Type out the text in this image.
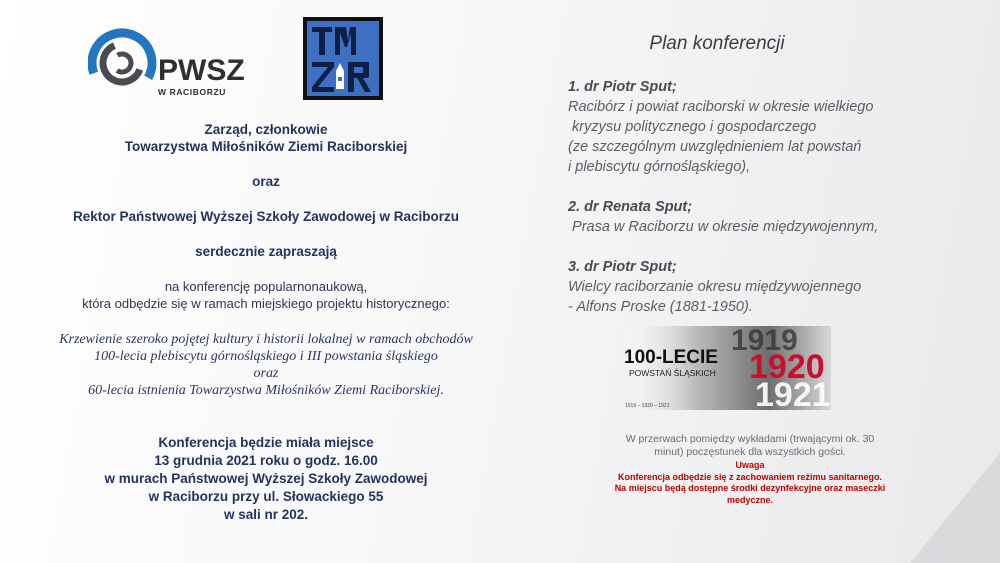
PWSZ
W RACIBORZU
Zarząd, członkowie
Towarzystwa Miłośników Ziemi Raciborskiej
oraz
Rektor Państwowej Wyższej Szkoły Zawodowej w Raciborzu
serdecznie zapraszają
na konferencję popularnonaukową,
która odbędzie się w ramach miejskiego projektu historycznego:
Krzewienie szeroko pojętej kultury i historii lokalnej w ramach obchodów
100-lecia plebiscytu górnośląskiego i III powstania śląskiego
oraz
60-lecia istnienia Towarzystwa Miłośników Ziemi Raciborskiej.
Konferencja będzie miała miejsce
13 grudnia 2021 roku o godz. 16.00
w murach Państwowej Wyższej Szkoły Zawodowej
w Raciborzu przy ul. Słowackiego 55
w sali nr 202.
Plan konferencji
1. dr Piotr Sput;
Racibórz i powiat raciborski w okresie wielkiego
kryzysu politycznego i gospodarczego
(ze szczególnym uwzględnieniem lat powstań
i plebiscytu górnośląskiego),
2. dr Renata Sput;
Prasa w Raciborzu w okresie międzywojennym,
3. dr Piotr Sput;
Wielcy raciborzanie okresu międzywojennego
- Alfons Proske (1881-1950).
1919
1920
1921
100-LECIE
POWSTAŃ ŚLĄSKICH
1919 – 1920 – 1921
W przerwach pomiędzy wykładami (trwającymi ok. 30
minut) poczęstunek dla wszystkich gości.
Uwaga
Konferencja odbędzie się z zachowaniem reżimu sanitarnego.
Na miejscu będą dostępne środki dezynfekcyjne oraz maseczki
medyczne.
